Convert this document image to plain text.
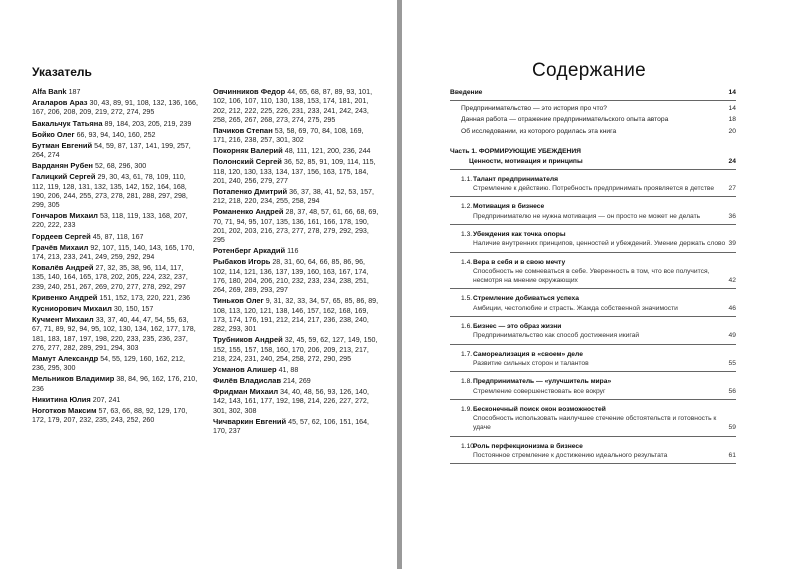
Указатель
Alfa Bank 187
Агаларов Араз 30, 43, 89, 91, 108, 132, 136, 166, 167, 206, 208, 209, 219, 272, 274, 295
Бакальчук Татьяна 89, 184, 203, 205, 219, 239
Бойко Олег 66, 93, 94, 140, 160, 252
Бутман Евгений 54, 59, 87, 137, 141, 199, 257, 264, 274
Варданян Рубен 52, 68, 296, 300
Галицкий Сергей 29, 30, 43, 61, 78, 109, 110, 112, 119, 128, 131, 132, 135, 142, 152, 164, 168, 190, 206, 244, 255, 273, 278, 281, 288, 297, 298, 299, 305
Гончаров Михаил 53, 118, 119, 133, 168, 207, 220, 222, 233
Гордеев Сергей 45, 87, 118, 167
Грачёв Михаил 92, 107, 115, 140, 143, 165, 170, 174, 213, 233, 241, 249, 259, 292, 294
Ковалёв Андрей 27, 32, 35, 38, 96, 114, 117, 135, 140, 164, 165, 178, 202, 205, 224, 232, 237, 239, 240, 251, 267, 269, 270, 277, 278, 292, 297
Кривенко Андрей 151, 152, 173, 220, 221, 236
Кусниорович Михаил 30, 150, 157
Кучмент Михаил 33, 37, 40, 44, 47, 54, 55, 63, 67, 71, 89, 92, 94, 95, 102, 130, 134, 162, 177, 178, 181, 183, 187, 197, 198, 220, 233, 235, 236, 237, 276, 277, 282, 289, 291, 294, 303
Мамут Александр 54, 55, 129, 160, 162, 212, 236, 295, 300
Мельников Владимир 38, 84, 96, 162, 176, 210, 236
Никитина Юлия 207, 241
Ноготков Максим 57, 63, 66, 88, 92, 129, 170, 172, 179, 207, 232, 235, 243, 252, 260
Овчинников Федор 44, 65, 68, 87, 89, 93, 101, 102, 106, 107, 110, 130, 138, 153, 174, 181, 201, 202, 212, 222, 225, 226, 231, 233, 241, 242, 243, 258, 265, 267, 268, 273, 274, 275, 295
Пачиков Степан 53, 58, 69, 70, 84, 108, 169, 171, 216, 238, 257, 301, 302
Покорняк Валерий 48, 111, 121, 200, 236, 244
Полонский Сергей 36, 52, 85, 91, 109, 114, 115, 118, 120, 130, 133, 134, 137, 156, 163, 175, 184, 201, 240, 256, 279, 277
Потапенко Дмитрий 36, 37, 38, 41, 52, 53, 157, 212, 218, 220, 234, 255, 258, 294
Романенко Андрей 28, 37, 48, 57, 61, 66, 68, 69, 70, 71, 94, 95, 107, 135, 136, 161, 166, 178, 190, 201, 202, 203, 216, 273, 277, 278, 279, 292, 293, 295
Ротенберг Аркадий 116
Рыбаков Игорь 28, 31, 60, 64, 66, 85, 86, 96, 102, 114, 121, 136, 137, 139, 160, 163, 167, 174, 176, 180, 204, 206, 210, 232, 233, 234, 238, 251, 264, 269, 289, 293, 297
Тиньков Олег 9, 31, 32, 33, 34, 57, 65, 85, 86, 89, 108, 113, 120, 121, 138, 146, 157, 162, 168, 169, 173, 174, 176, 191, 212, 214, 217, 236, 238, 240, 282, 293, 301
Трубников Андрей 32, 45, 59, 62, 127, 149, 150, 152, 155, 157, 158, 160, 170, 206, 209, 213, 217, 218, 224, 231, 240, 254, 258, 272, 290, 295
Усманов Алишер 41, 88
Филёв Владислав 214, 269
Фридман Михаил 34, 40, 48, 56, 93, 126, 140, 142, 143, 161, 177, 192, 198, 214, 226, 227, 272, 301, 302, 308
Чичваркин Евгений 45, 57, 62, 106, 151, 164, 170, 237
Содержание
Введение	14
Предпринимательство — это история про что?	14
Данная работа — отражение предпринимательского опыта автора	18
Об исследовании, из которого родилась эта книга	20
Часть 1. ФОРМИРУЮЩИЕ УБЕЖДЕНИЯ
Ценности, мотивация и принципы	24
1.1.Талант предпринимателя
Стремление к действию. Потребность предпринимать проявляется в детстве	27
1.2.Мотивация в бизнесе
Предпринимателю не нужна мотивация — он просто не может не делать	36
1.3.Убеждения как точка опоры
Наличие внутренних принципов, ценностей и убеждений. Умение держать слово 39
1.4.Вера в себя и в свою мечту
Способность не сомневаться в себе. Уверенность в том, что все получится, несмотря на мнение окружающих	42
1.5.Стремление добиваться успеха
Амбиции, честолюбие и страсть. Жажда собственной значимости	46
1.6.Бизнес — это образ жизни
Предпринимательство как способ достижения икигай	49
1.7.Самореализация в «своем» деле
Развитие сильных сторон и талантов	55
1.8.Предприниматель — «улучшитель мира»
Стремление совершенствовать все вокруг	56
1.9.Бесконечный поиск окон возможностей
Способность использовать наилучшее стечение обстоятельств и готовность к удаче	59
1.10.Роль перфекционизма в бизнесе
Постоянное стремление к достижению идеального результата	61
